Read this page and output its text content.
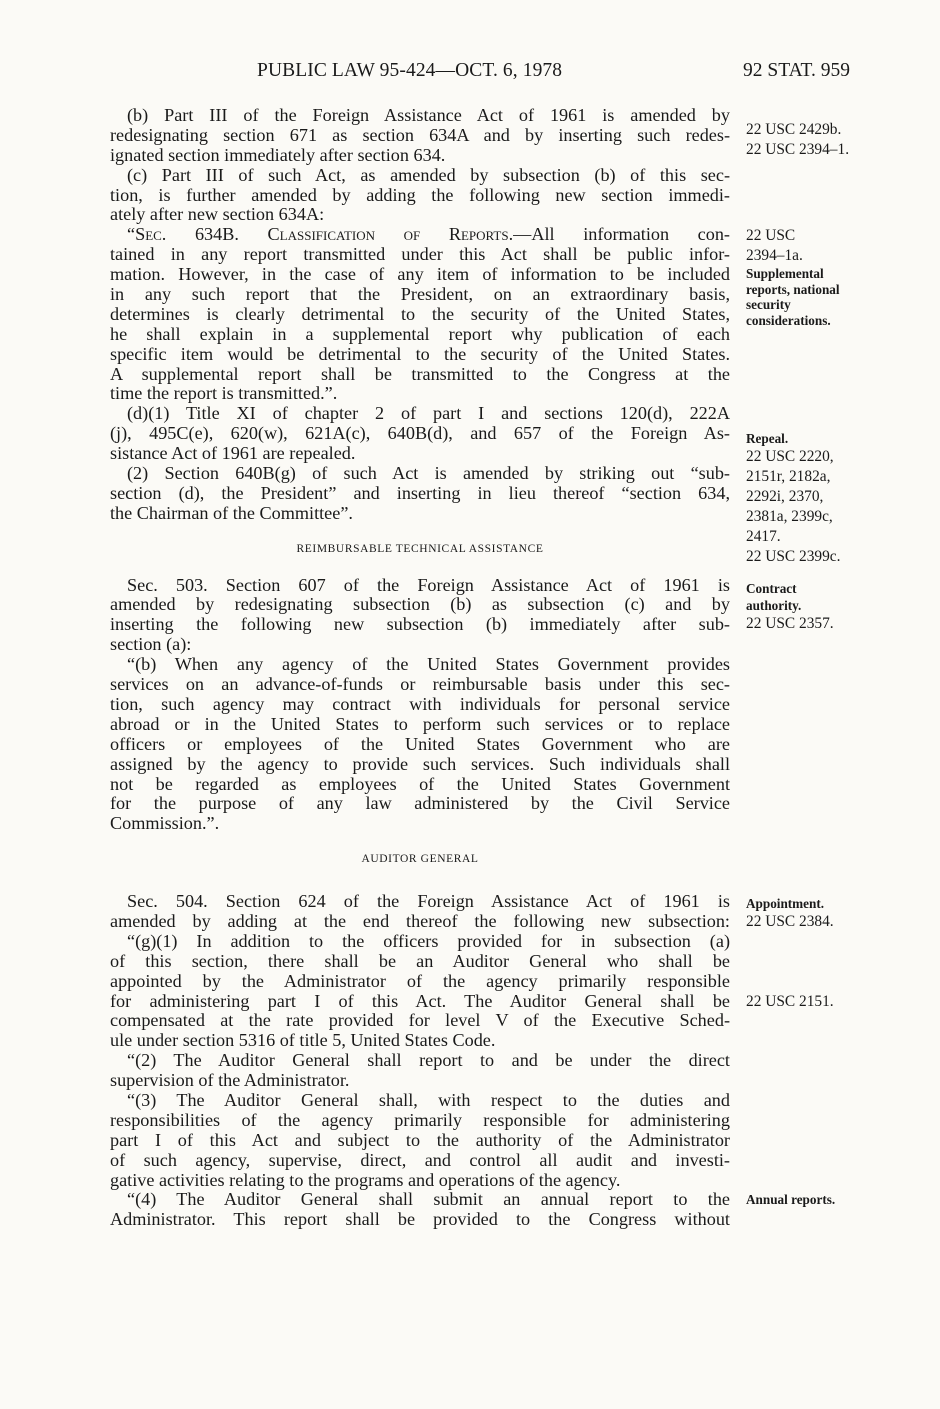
PUBLIC LAW 95-424—OCT. 6, 1978	92 STAT. 959
(b) Part III of the Foreign Assistance Act of 1961 is amended by
redesignating section 671 as section 634A and by inserting such redes-
ignated section immediately after section 634.
(c) Part III of such Act, as amended by subsection (b) of this sec-
tion, is further amended by adding the following new section immedi-
ately after new section 634A:
“Sec. 634B. Classification of Reports.—All information con-
tained in any report transmitted under this Act shall be public infor-
mation. However, in the case of any item of information to be included
in any such report that the President, on an extraordinary basis,
determines is clearly detrimental to the security of the United States,
he shall explain in a supplemental report why publication of each
specific item would be detrimental to the security of the United States.
A supplemental report shall be transmitted to the Congress at the
time the report is transmitted.”.
(d)(1) Title XI of chapter 2 of part I and sections 120(d), 222A
(j), 495C(e), 620(w), 621A(c), 640B(d), and 657 of the Foreign As-
sistance Act of 1961 are repealed.
(2) Section 640B(g) of such Act is amended by striking out “sub-
section (d), the President” and inserting in lieu thereof “section 634,
the Chairman of the Committee”.
REIMBURSABLE TECHNICAL ASSISTANCE
Sec. 503. Section 607 of the Foreign Assistance Act of 1961 is
amended by redesignating subsection (b) as subsection (c) and by
inserting the following new subsection (b) immediately after sub-
section (a):
“(b) When any agency of the United States Government provides
services on an advance-of-funds or reimbursable basis under this sec-
tion, such agency may contract with individuals for personal service
abroad or in the United States to perform such services or to replace
officers or employees of the United States Government who are
assigned by the agency to provide such services. Such individuals shall
not be regarded as employees of the United States Government
for the purpose of any law administered by the Civil Service
Commission.”.
AUDITOR GENERAL
Sec. 504. Section 624 of the Foreign Assistance Act of 1961 is
amended by adding at the end thereof the following new subsection:
“(g)(1) In addition to the officers provided for in subsection (a)
of this section, there shall be an Auditor General who shall be
appointed by the Administrator of the agency primarily responsible
for administering part I of this Act. The Auditor General shall be
compensated at the rate provided for level V of the Executive Sched-
ule under section 5316 of title 5, United States Code.
“(2) The Auditor General shall report to and be under the direct
supervision of the Administrator.
“(3) The Auditor General shall, with respect to the duties and
responsibilities of the agency primarily responsible for administering
part I of this Act and subject to the authority of the Administrator
of such agency, supervise, direct, and control all audit and investi-
gative activities relating to the programs and operations of the agency.
“(4) The Auditor General shall submit an annual report to the
Administrator. This report shall be provided to the Congress without
22 USC 2429b.
22 USC 2394–1.
22 USC
2394–1a.
Supplemental
reports, national
security
considerations.
Repeal.
22 USC 2220,
2151r, 2182a,
2292i, 2370,
2381a, 2399c,
2417.
22 USC 2399c.
Contract
authority.
22 USC 2357.
Appointment.
22 USC 2384.
22 USC 2151.
Annual reports.
